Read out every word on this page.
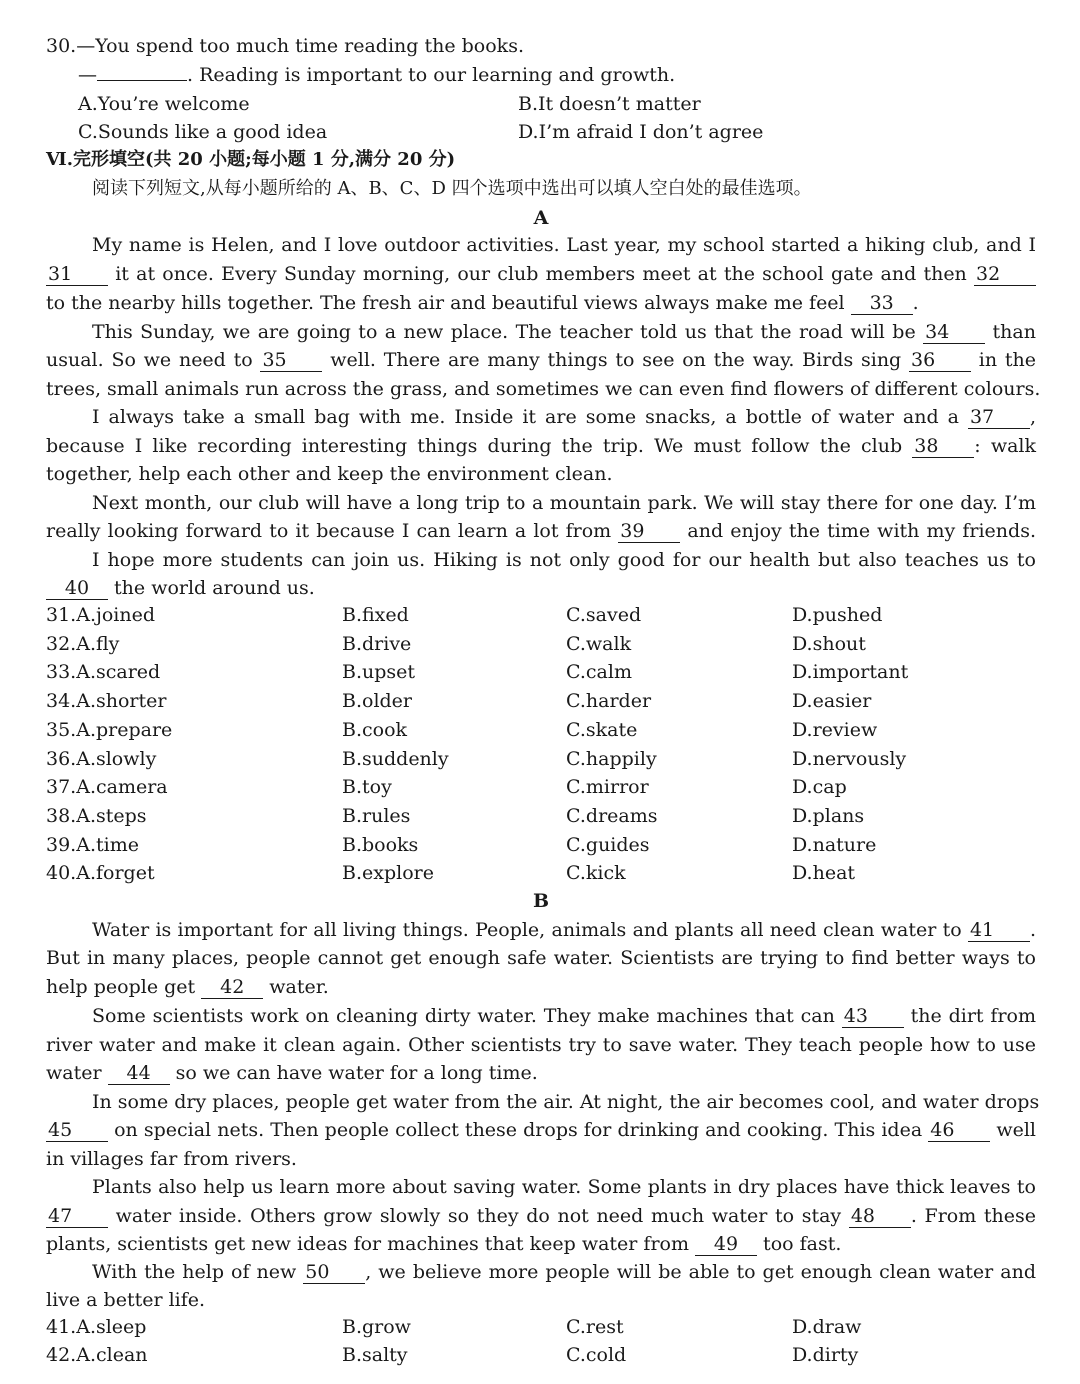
30.—You spend too much time reading the books.
—	. Reading is important to our learning and growth.
A.You’re welcome	B.It doesn’t matter
C.Sounds like a good idea	D.I’m afraid I don’t agree
Ⅵ.完形填空(共 20 小题;每小题 1 分,满分 20 分)
阅读下列短文,从每小题所给的 A、B、C、D 四个选项中选出可以填人空白处的最佳选项。
A
My name is Helen, and I love outdoor activities. Last year, my school started a hiking club, and I
31 it at once. Every Sunday morning, our club members meet at the school gate and then 32
to the nearby hills together. The fresh air and beautiful views always make me feel 33 .
This Sunday, we are going to a new place. The teacher told us that the road will be 34 than
usual. So we need to 35 well. There are many things to see on the way. Birds sing 36 in the
trees, small animals run across the grass, and sometimes we can even find flowers of different colours.
I always take a small bag with me. Inside it are some snacks, a bottle of water and a 37 ,
because I like recording interesting things during the trip. We must follow the club 38 : walk
together, help each other and keep the environment clean.
Next month, our club will have a long trip to a mountain park. We will stay there for one day. I’m
really looking forward to it because I can learn a lot from 39 and enjoy the time with my friends.
I hope more students can join us. Hiking is not only good for our health but also teaches us to
40 the world around us.
31.A.joined	B.fixed	C.saved	D.pushed
32.A.fly	B.drive	C.walk	D.shout
33.A.scared	B.upset	C.calm	D.important
34.A.shorter	B.older	C.harder	D.easier
35.A.prepare	B.cook	C.skate	D.review
36.A.slowly	B.suddenly	C.happily	D.nervously
37.A.camera	B.toy	C.mirror	D.cap
38.A.steps	B.rules	C.dreams	D.plans
39.A.time	B.books	C.guides	D.nature
40.A.forget	B.explore	C.kick	D.heat
B
Water is important for all living things. People, animals and plants all need clean water to 41 .
But in many places, people cannot get enough safe water. Scientists are trying to find better ways to
help people get 42 water.
Some scientists work on cleaning dirty water. They make machines that can 43 the dirt from
river water and make it clean again. Other scientists try to save water. They teach people how to use
water 44 so we can have water for a long time.
In some dry places, people get water from the air. At night, the air becomes cool, and water drops
45 on special nets. Then people collect these drops for drinking and cooking. This idea 46 well
in villages far from rivers.
Plants also help us learn more about saving water. Some plants in dry places have thick leaves to
47 water inside. Others grow slowly so they do not need much water to stay 48 . From these
plants, scientists get new ideas for machines that keep water from 49 too fast.
With the help of new 50 , we believe more people will be able to get enough clean water and
live a better life.
41.A.sleep	B.grow	C.rest	D.draw
42.A.clean	B.salty	C.cold	D.dirty
